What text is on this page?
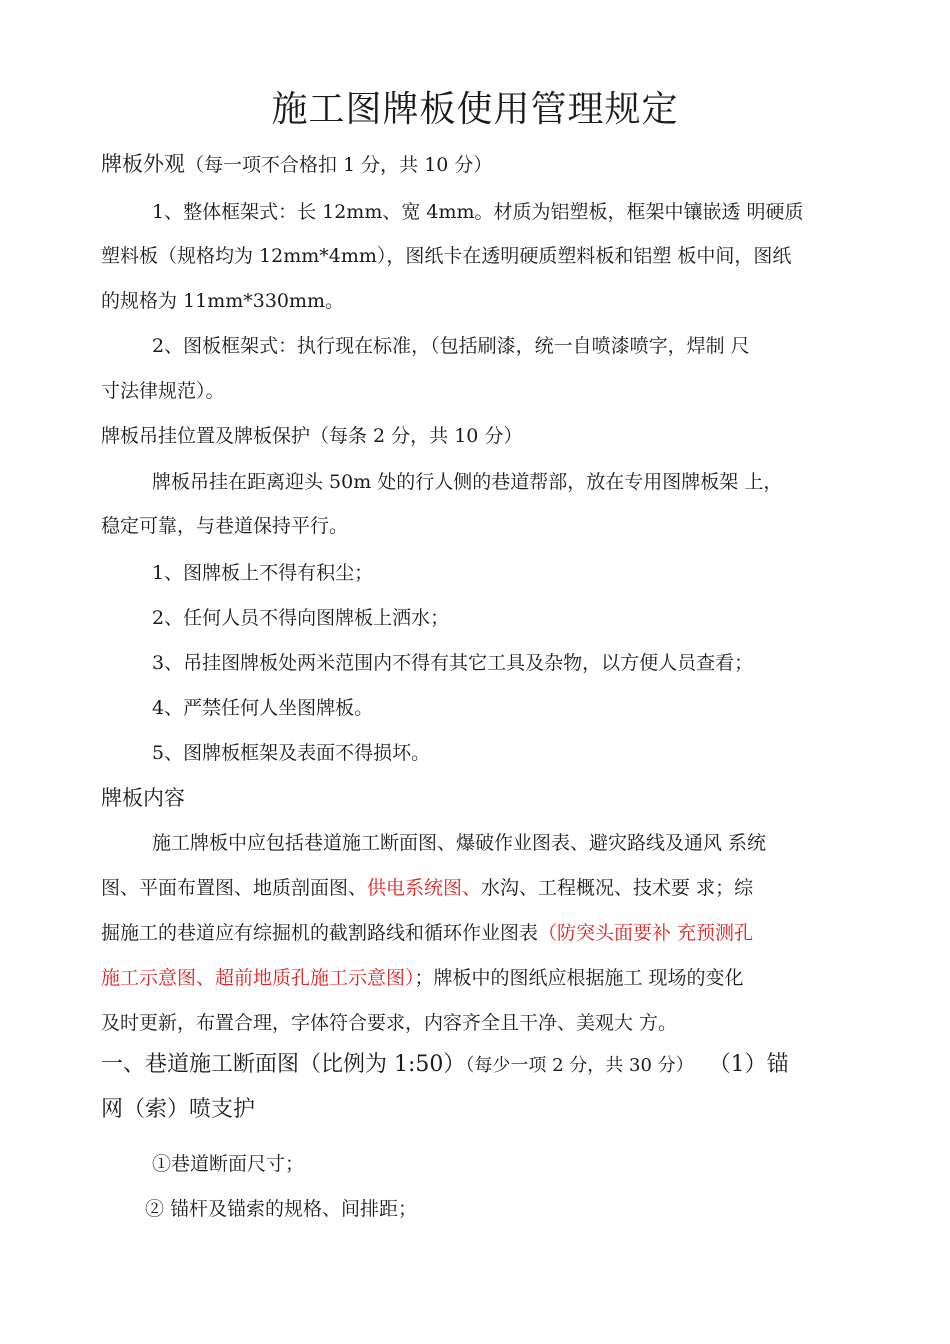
施工图牌板使用管理规定
牌板外观（每一项不合格扣 1 分，共 10 分）
1、整体框架式：长 12mm、宽 4mm。材质为铝塑板，框架中镶嵌透 明硬质
塑料板（规格均为 12mm*4mm），图纸卡在透明硬质塑料板和铝塑 板中间，图纸
的规格为 11mm*330mm。
2、图板框架式：执行现在标准，（包括刷漆，统一自喷漆喷字，焊制 尺
寸法律规范）。
牌板吊挂位置及牌板保护（每条 2 分，共 10 分）
牌板吊挂在距离迎头 50m 处的行人侧的巷道帮部，放在专用图牌板架 上，
稳定可靠，与巷道保持平行。
1、图牌板上不得有积尘；
2、任何人员不得向图牌板上洒水；
3、吊挂图牌板处两米范围内不得有其它工具及杂物，以方便人员查看；
4、严禁任何人坐图牌板。
5、图牌板框架及表面不得损坏。
牌板内容
施工牌板中应包括巷道施工断面图、爆破作业图表、避灾路线及通风 系统
图、平面布置图、地质剖面图、供电系统图、水沟、工程概况、技术要 求；综
掘施工的巷道应有综掘机的截割路线和循环作业图表（防突头面要补 充预测孔
施工示意图、超前地质孔施工示意图）；牌板中的图纸应根据施工 现场的变化
及时更新，布置合理，字体符合要求，内容齐全且干净、美观大 方。
一、巷道施工断面图（比例为 1:50）（每少一项 2 分，共 30 分） （1）锚
网（索）喷支护
①巷道断面尺寸；
② 锚杆及锚索的规格、间排距；
